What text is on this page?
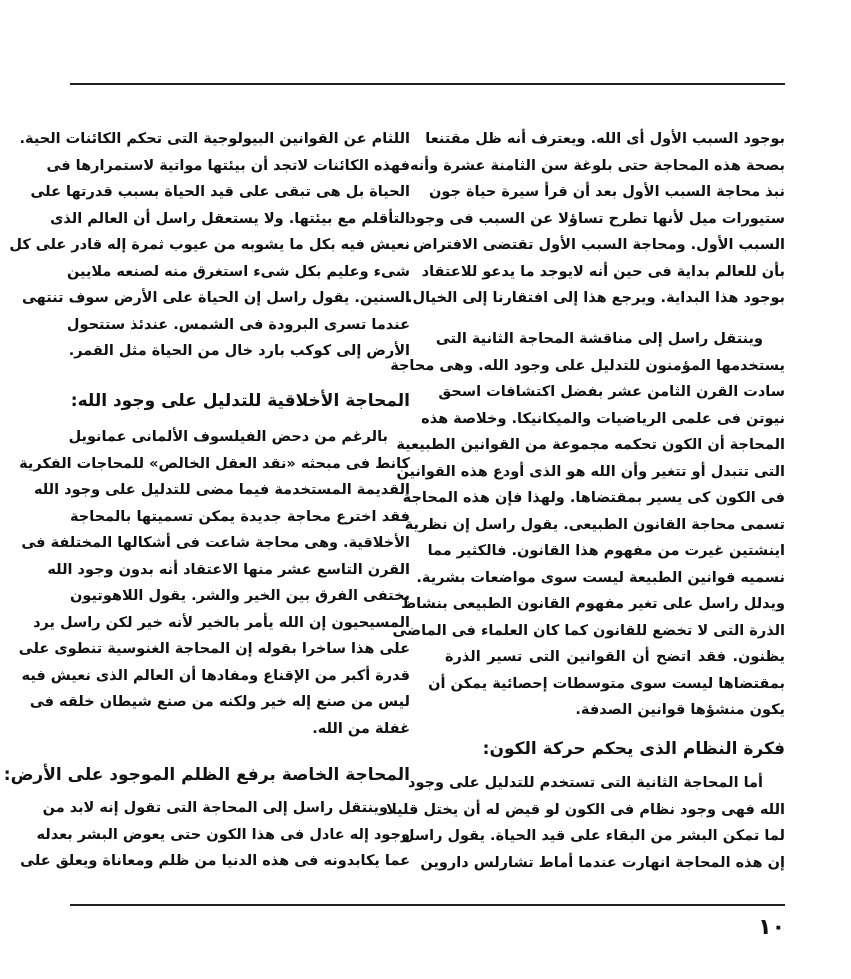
بوجود السبب الأول أى الله. ويعترف أنه ظل مقتنعا
بصحة هذه المحاجة حتى بلوغة سن الثامنة عشرة وأنه
نبذ محاجة السبب الأول بعد أن قرأ سيرة حياة جون
ستيورات ميل لأنها تطرح تساؤلا عن السبب فى وجود
السبب الأول. ومحاجة السبب الأول تقتضى الافتراض
بأن للعالم بداية فى حين أنه لايوجد ما يدعو للاعتقاد
بوجود هذا البداية. ويرجع هذا إلى افتقارنا إلى الخيال.
وينتقل راسل إلى مناقشة المحاجة الثانية التى
يستخدمها المؤمنون للتدليل على وجود الله. وهى محاجة
سادت القرن الثامن عشر بفضل اكتشافات اسحق
نيوتن فى علمى الرياضيات والميكانيكا. وخلاصة هذه
المحاجة أن الكون تحكمه مجموعة من القوانين الطبيعية
التى تتبدل أو تتغير وأن الله هو الذى أودع هذه القوانين
فى الكون كى يسير بمقتضاها. ولهذا فإن هذه المحاجة
تسمى محاجة القانون الطبيعى. يقول راسل إن نظرية
اينشتين غيرت من مفهوم هذا القانون. فالكثير مما
نسميه قوانين الطبيعة ليست سوى مواضعات بشرية.
ويدلل راسل على تغير مفهوم القانون الطبيعى بنشاط
الذرة التى لا تخضع للقانون كما كان العلماء فى الماضى
يظنون. فقد اتضح أن القوانين التى تسير الذرة
بمقتضاها ليست سوى متوسطات إحصائية يمكن أن
يكون منشؤها قوانين الصدفة.
فكرة النظام الذى يحكم حركة الكون:
أما المحاجة الثانية التى تستخدم للتدليل على وجود
الله فهى وجود نظام فى الكون لو قيض له أن يختل قليلا
لما تمكن البشر من البقاء على قيد الحياة. يقول راسل
إن هذه المحاجة انهارت عندما أماط تشارلس داروين
اللثام عن القوانين البيولوجية التى تحكم الكائنات الحية.
فهذه الكائنات لاتجد أن بيئتها مواتية لاستمرارها فى
الحياة بل هى تبقى على قيد الحياة بسبب قدرتها على
التأقلم مع بيئتها. ولا يستعقل راسل أن العالم الذى
نعيش فيه بكل ما يشوبه من عيوب ثمرة إله قادر على كل
شىء وعليم بكل شىء استغرق منه لصنعه ملايين
السنين. يقول راسل إن الحياة على الأرض سوف تنتهى
عندما تسرى البرودة فى الشمس. عندئذ ستتحول
الأرض إلى كوكب بارد خال من الحياة مثل القمر.
المحاجة الأخلاقية للتدليل على وجود الله:
بالرغم من دحض الفيلسوف الألمانى عمانويل
كانط فى مبحثه «نقد العقل الخالص» للمحاجات الفكرية
القديمة المستخدمة فيما مضى للتدليل على وجود الله
فقد اخترع محاجة جديدة يمكن تسميتها بالمحاجة
الأخلاقية. وهى محاجة شاعت فى أشكالها المختلفة فى
القرن التاسع عشر منها الاعتقاد أنه بدون وجود الله
يختفى الفرق بين الخير والشر. يقول اللاهوتيون
المسيحيون إن الله يأمر بالخير لأنه خير لكن راسل يرد
على هذا ساخرا بقوله إن المحاجة الغنوسية تنطوى على
قدرة أكبر من الإقناع ومفادها أن العالم الذى نعيش فيه
ليس من صنع إله خير ولكنه من صنع شيطان خلقه فى
غفلة من الله.
المحاجة الخاصة برفع الظلم الموجود على الأرض:
وينتقل راسل إلى المحاجة التى تقول إنه لابد من
وجود إله عادل فى هذا الكون حتى يعوض البشر بعدله
عما يكابدونه فى هذه الدنيا من ظلم ومعاناة ويعلق على
١٠
